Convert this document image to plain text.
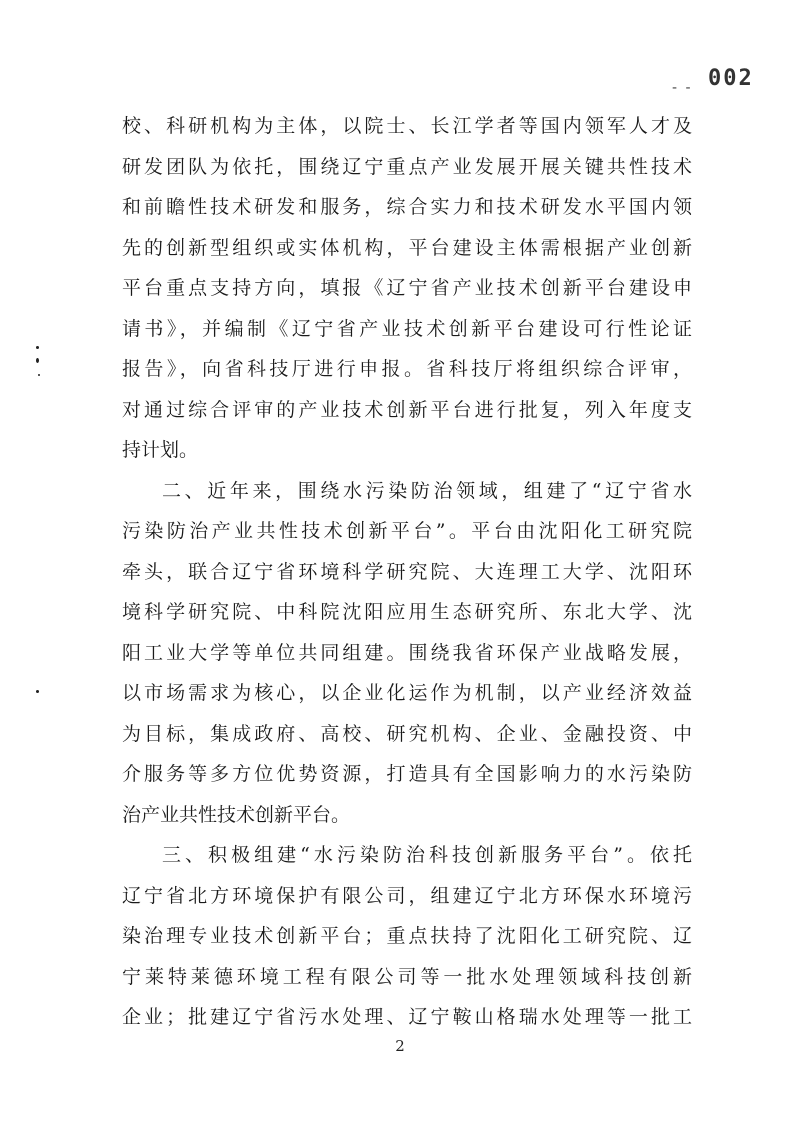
- - 002
校、科研机构为主体，以院士、长江学者等国内领军人才及
研发团队为依托，围绕辽宁重点产业发展开展关键共性技术
和前瞻性技术研发和服务，综合实力和技术研发水平国内领
先的创新型组织或实体机构，平台建设主体需根据产业创新
平台重点支持方向，填报《辽宁省产业技术创新平台建设申
请书》，并编制《辽宁省产业技术创新平台建设可行性论证
报告》，向省科技厅进行申报。省科技厅将组织综合评审，
对通过综合评审的产业技术创新平台进行批复，列入年度支
持计划。
二、近年来，围绕水污染防治领域，组建了“辽宁省水
污染防治产业共性技术创新平台”。平台由沈阳化工研究院
牵头，联合辽宁省环境科学研究院、大连理工大学、沈阳环
境科学研究院、中科院沈阳应用生态研究所、东北大学、沈
阳工业大学等单位共同组建。围绕我省环保产业战略发展，
以市场需求为核心，以企业化运作为机制，以产业经济效益
为目标，集成政府、高校、研究机构、企业、金融投资、中
介服务等多方位优势资源，打造具有全国影响力的水污染防
治产业共性技术创新平台。
三、积极组建“水污染防治科技创新服务平台”。依托
辽宁省北方环境保护有限公司，组建辽宁北方环保水环境污
染治理专业技术创新平台；重点扶持了沈阳化工研究院、辽
宁莱特莱德环境工程有限公司等一批水处理领域科技创新
企业；批建辽宁省污水处理、辽宁鞍山格瑞水处理等一批工
2
